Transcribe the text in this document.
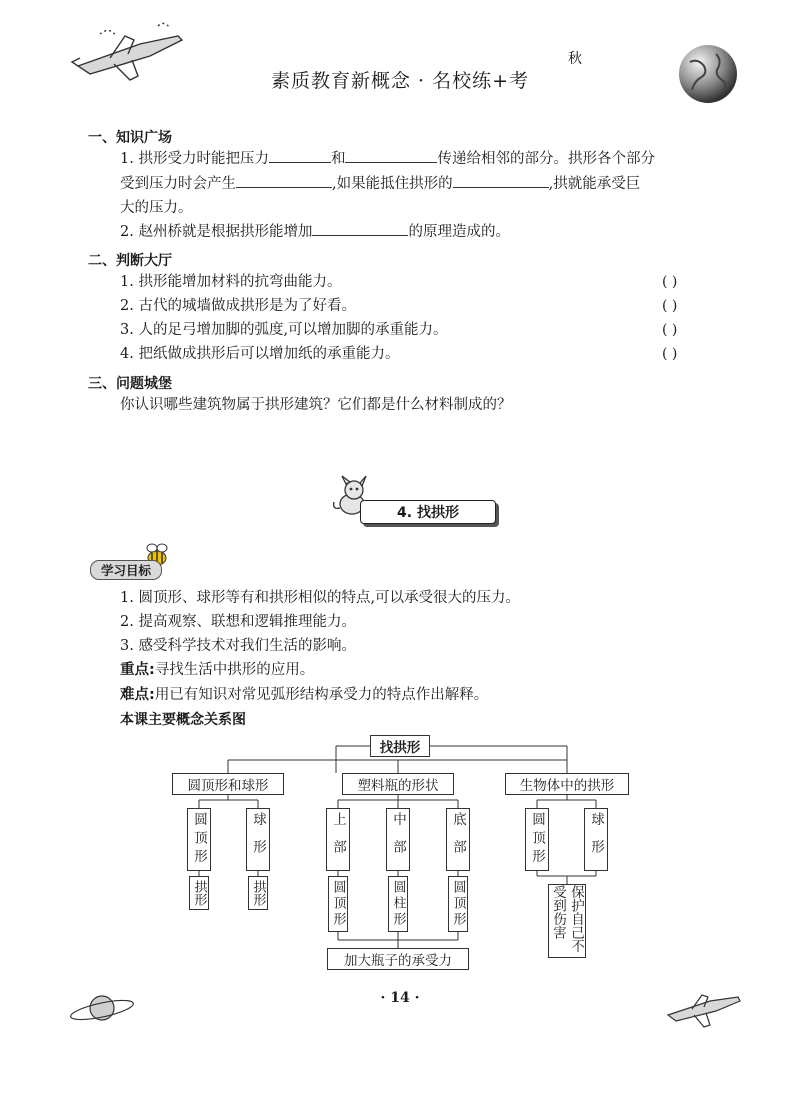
素质教育新概念 · 名校练+考
秋
一、知识广场
1. 拱形受力时能把压力	和	传递给相邻的部分。拱形各个部分
受到压力时会产生	,如果能抵住拱形的	,拱就能承受巨
大的压力。
2. 赵州桥就是根据拱形能增加	的原理造成的。
二、判断大厅
1. 拱形能增加材料的抗弯曲能力。	( )
2. 古代的城墙做成拱形是为了好看。	( )
3. 人的足弓增加脚的弧度,可以增加脚的承重能力。	( )
4. 把纸做成拱形后可以增加纸的承重能力。	( )
三、问题城堡
你认识哪些建筑物属于拱形建筑？它们都是什么材料制成的？
4. 找拱形
学习目标
1. 圆顶形、球形等有和拱形相似的特点,可以承受很大的压力。
2. 提高观察、联想和逻辑推理能力。
3. 感受科学技术对我们生活的影响。
重点:寻找生活中拱形的应用。
难点:用已有知识对常见弧形结构承受力的特点作出解释。
本课主要概念关系图
找拱形
圆顶形和球形	塑料瓶的形状	生物体中的拱形
圆顶形	球形
拱形	拱形
上部	中部	底部
圆顶形	圆柱形	圆顶形
加大瓶子的承受力
圆顶形	球形
保护自己不受到伤害
· 14 ·
